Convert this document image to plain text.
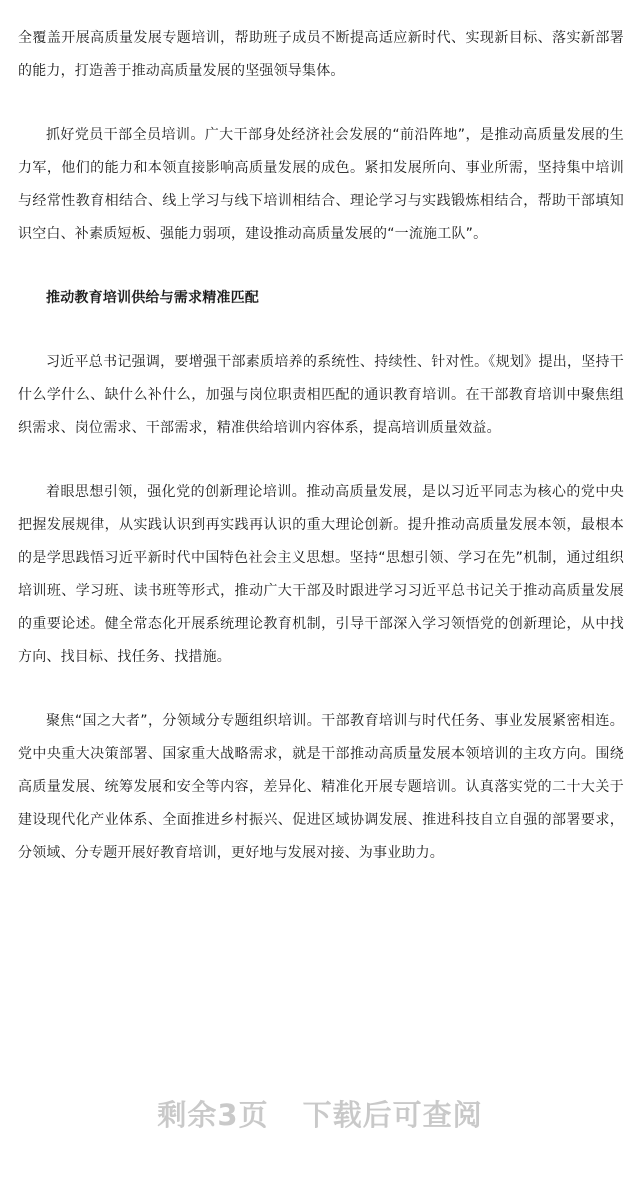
全覆盖开展高质量发展专题培训，帮助班子成员不断提高适应新时代、实现新目标、落实新部署的能力，打造善于推动高质量发展的坚强领导集体。

抓好党员干部全员培训。广大干部身处经济社会发展的“前沿阵地”，是推动高质量发展的生力军，他们的能力和本领直接影响高质量发展的成色。紧扣发展所向、事业所需，坚持集中培训与经常性教育相结合、线上学习与线下培训相结合、理论学习与实践锻炼相结合，帮助干部填知识空白、补素质短板、强能力弱项，建设推动高质量发展的“一流施工队”。

推动教育培训供给与需求精准匹配

习近平总书记强调，要增强干部素质培养的系统性、持续性、针对性。《规划》提出，坚持干什么学什么、缺什么补什么，加强与岗位职责相匹配的通识教育培训。在干部教育培训中聚焦组织需求、岗位需求、干部需求，精准供给培训内容体系，提高培训质量效益。

着眼思想引领，强化党的创新理论培训。推动高质量发展，是以习近平同志为核心的党中央把握发展规律，从实践认识到再实践再认识的重大理论创新。提升推动高质量发展本领，最根本的是学思践悟习近平新时代中国特色社会主义思想。坚持“思想引领、学习在先”机制，通过组织培训班、学习班、读书班等形式，推动广大干部及时跟进学习习近平总书记关于推动高质量发展的重要论述。健全常态化开展系统理论教育机制，引导干部深入学习领悟党的创新理论，从中找方向、找目标、找任务、找措施。

聚焦“国之大者”，分领域分专题组织培训。干部教育培训与时代任务、事业发展紧密相连。党中央重大决策部署、国家重大战略需求，就是干部推动高质量发展本领培训的主攻方向。围绕高质量发展、统筹发展和安全等内容，差异化、精准化开展专题培训。认真落实党的二十大关于建设现代化产业体系、全面推进乡村振兴、促进区域协调发展、推进科技自立自强的部署要求，分领域、分专题开展好教育培训，更好地与发展对接、为事业助力。

剩余3页 下载后可查阅
